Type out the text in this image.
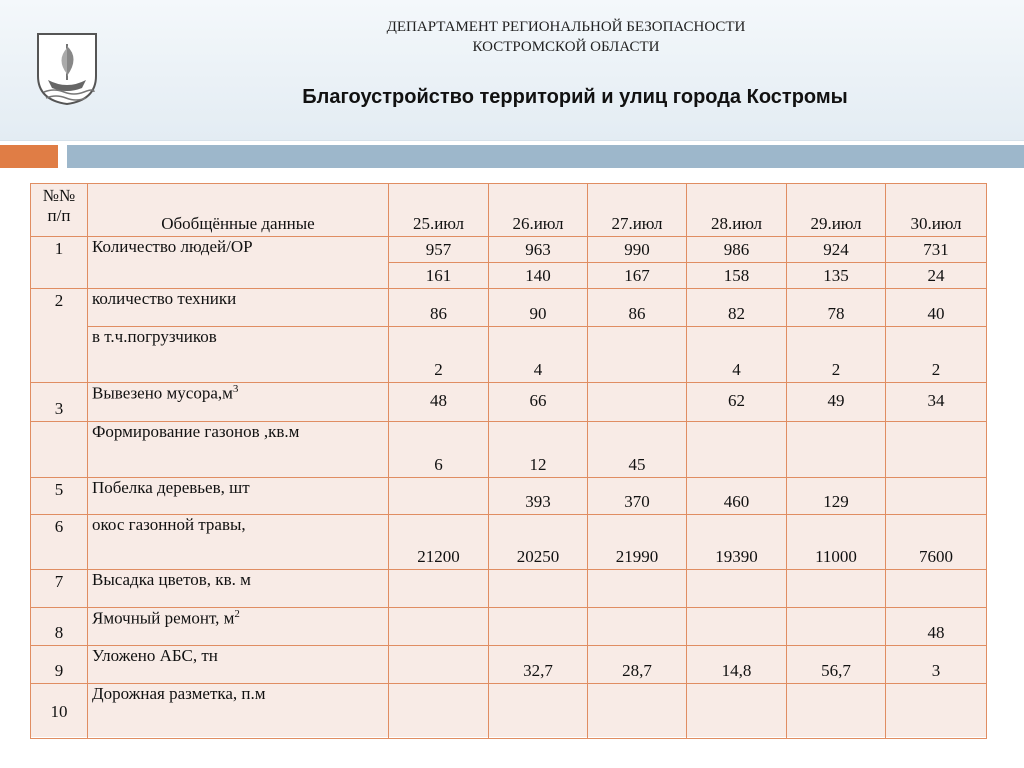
ДЕПАРТАМЕНТ РЕГИОНАЛЬНОЙ БЕЗОПАСНОСТИ
КОСТРОМСКОЙ ОБЛАСТИ
Благоустройство территорий и улиц города Костромы
№№
п/п	Обобщённые данные	25.июл	26.июл	27.июл	28.июл	29.июл	30.июл

1	Количество людей/ОР	957	963	990	986	924	731

		161	140	167	158	135	24

2	количество техники	86	90	86	82	78	40

	в т.ч.погрузчиков	2	4		4	2	2

3	Вывезено $мусора,м^3$	48	66		62	49	34

	Формирование газонов ,кв.м	6	12	45			

5	Побелка деревьев, шт		393	370	460	129	

6	окос газонной травы,	21200	20250	21990	19390	11000	7600

7	Высадка цветов, кв. м						

8	Ямочный ремонт, $м^2$						48

9	Уложено АБС, тн		32,7	28,7	14,8	56,7	3

10	Дорожная разметка, п.м						
